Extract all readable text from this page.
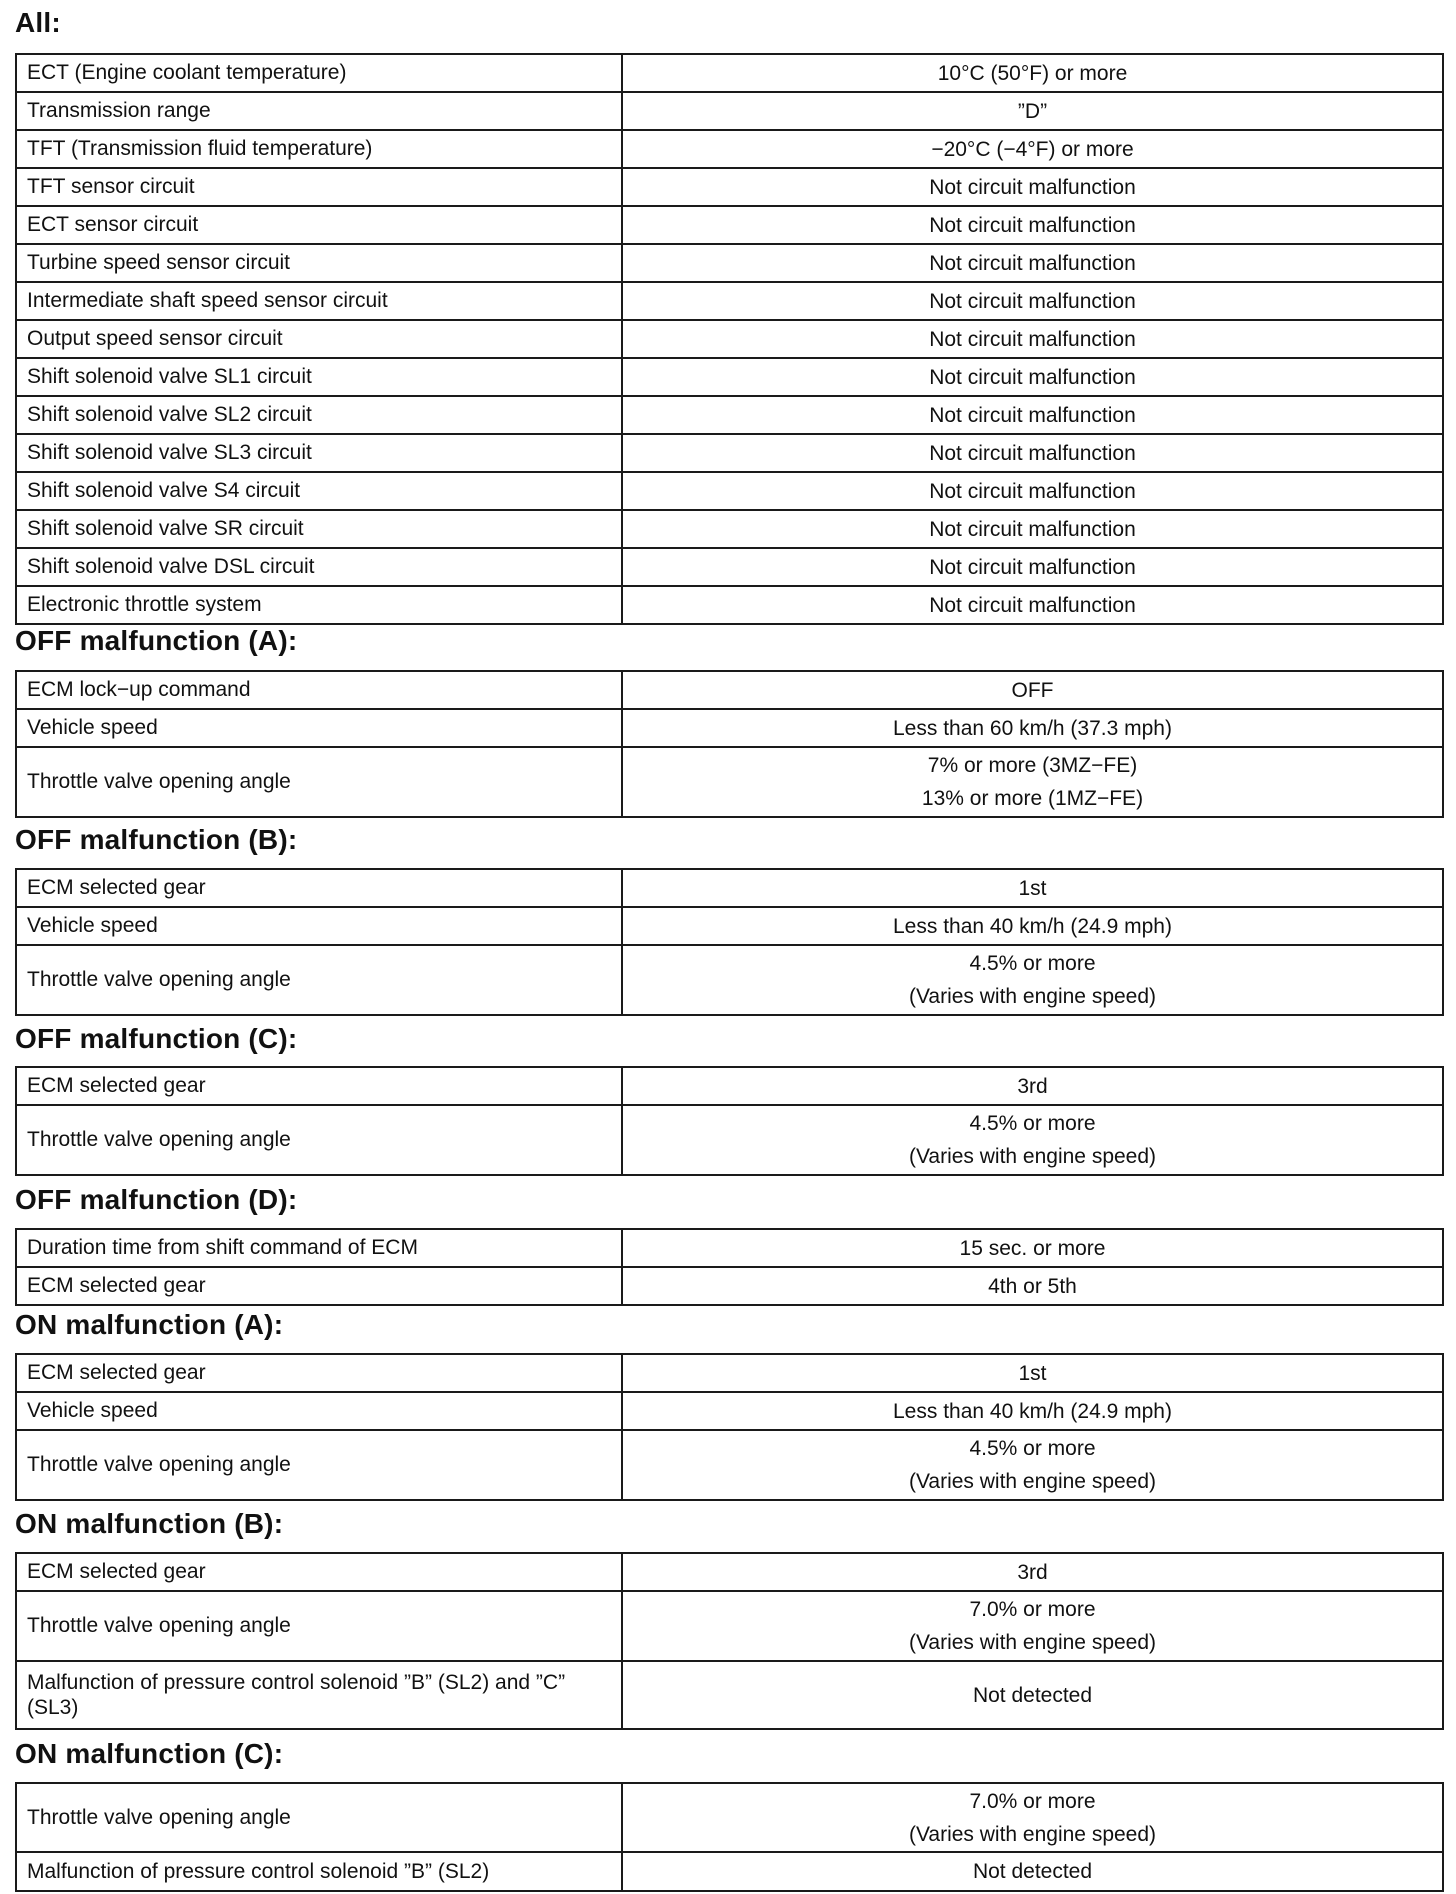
All:
ECT (Engine coolant temperature)	10°C (50°F) or more

Transmission range	”D”

TFT (Transmission fluid temperature)	−20°C (−4°F) or more

TFT sensor circuit	Not circuit malfunction

ECT sensor circuit	Not circuit malfunction

Turbine speed sensor circuit	Not circuit malfunction

Intermediate shaft speed sensor circuit	Not circuit malfunction

Output speed sensor circuit	Not circuit malfunction

Shift solenoid valve SL1 circuit	Not circuit malfunction

Shift solenoid valve SL2 circuit	Not circuit malfunction

Shift solenoid valve SL3 circuit	Not circuit malfunction

Shift solenoid valve S4 circuit	Not circuit malfunction

Shift solenoid valve SR circuit	Not circuit malfunction

Shift solenoid valve DSL circuit	Not circuit malfunction

Electronic throttle system	Not circuit malfunction
OFF malfunction (A):
ECM lock−up command	OFF

Vehicle speed	Less than 60 km/h (37.3 mph)

Throttle valve opening angle	7% or more (3MZ−FE)
13% or more (1MZ−FE)
OFF malfunction (B):
ECM selected gear	1st

Vehicle speed	Less than 40 km/h (24.9 mph)

Throttle valve opening angle	4.5% or more
(Varies with engine speed)
OFF malfunction (C):
ECM selected gear	3rd

Throttle valve opening angle	4.5% or more
(Varies with engine speed)
OFF malfunction (D):
Duration time from shift command of ECM	15 sec. or more

ECM selected gear	4th or 5th
ON malfunction (A):
ECM selected gear	1st

Vehicle speed	Less than 40 km/h (24.9 mph)

Throttle valve opening angle	4.5% or more
(Varies with engine speed)
ON malfunction (B):
ECM selected gear	3rd

Throttle valve opening angle	7.0% or more
(Varies with engine speed)

Malfunction of pressure control solenoid ”B” (SL2) and ”C” (SL3)	Not detected
ON malfunction (C):
Throttle valve opening angle	7.0% or more
(Varies with engine speed)

Malfunction of pressure control solenoid ”B” (SL2)	Not detected
